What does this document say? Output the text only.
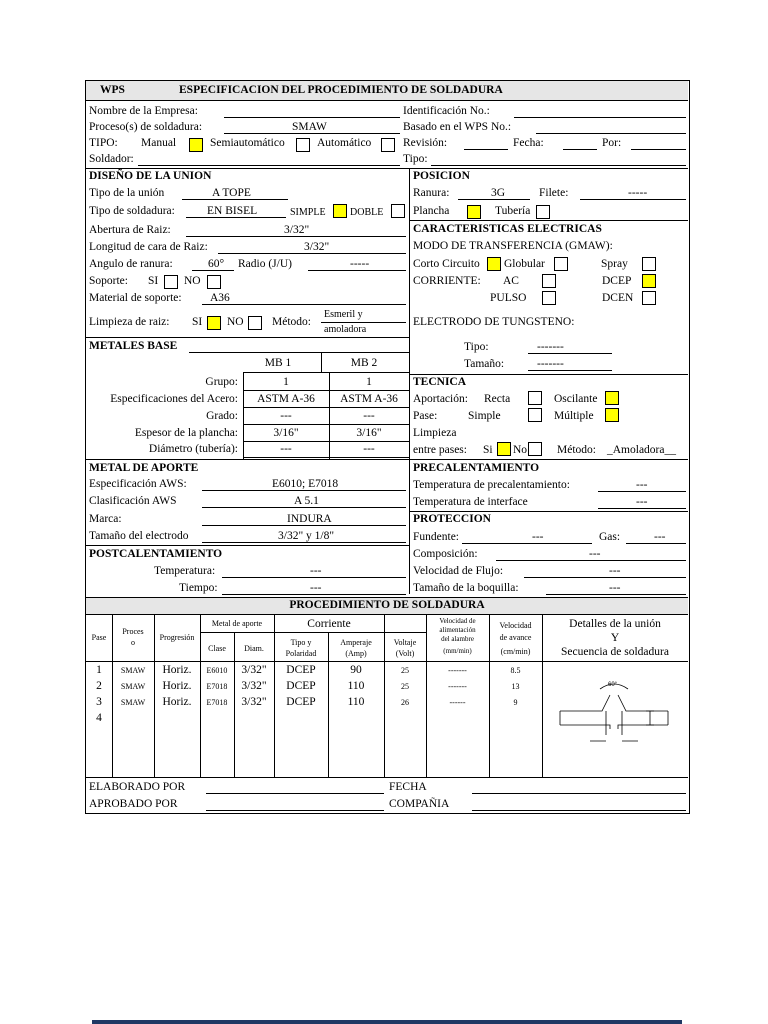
WPS	ESPECIFICACION DEL PROCEDIMIENTO DE SOLDADURA
Nombre de la Empresa:
Proceso(s) de soldadura:	SMAW
TIPO: Manual	Semiautomático	Automático
Soldador:
Identificación No.:
Basado en el WPS No.:
Revisión:	Fecha:	Por:
Tipo:
DISEÑO DE LA UNION
Tipo de la unión	A TOPE
Tipo de soldadura:	EN BISEL	SIMPLE DOBLE
Abertura de Raiz:	3/32"
Longitud de cara de Raiz:	3/32"
Angulo de ranura:	60° Radio (J/U)	-----
Soporte: SI NO
Material de soporte: A36
Limpieza de raiz: SI NO Método:
Esmeril y
amoladora
POSICION
Ranura:	3G	Filete:	-----
Plancha	Tubería
CARACTERISTICAS ELECTRICAS
MODO DE TRANSFERENCIA (GMAW):
Corto Circuito Globular	Spray
CORRIENTE: AC	DCEP
PULSO	DCEN
ELECTRODO DE TUNGSTENO:
Tipo:	-------
Tamaño:	-------
METALES BASE
MB 1	MB 2
Grupo:	1	1
Especificaciones del Acero:	ASTM A-36	ASTM A-36
Grado:	---	---
Espesor de la plancha:	3/16"	3/16"
Diámetro (tubería):	---	---
TECNICA
Aportación: Recta	Oscilante
Pase:	Simple	Múltiple
Limpieza
entre pases: Si No	Método: _Amoladora__
METAL DE APORTE
Especificación AWS:	E6010; E7018
Clasificación AWS	A 5.1
Marca:	INDURA
Tamaño del electrodo	3/32" y 1/8"
PRECALENTAMIENTO
Temperatura de precalentamiento:	---
Temperatura de interface	---
PROTECCION
Fundente:	---	Gas:	---
Composición:	---
Velocidad de Flujo:	---
Tamaño de la boquilla:	---
POSTCALENTAMIENTO
Temperatura:	---
Tiempo:	---
PROCEDIMIENTO DE SOLDADURA
Pase
Proces
o
Progresión
Metal de aporte
Clase	Diam.
Corriente
Tipo y
Polaridad
Amperaje
(Amp)
Voltaje
(Volt)
Velocidad de
alimentación
del alambre
(mm/min)
Velocidad
de avance
(cm/min)
Detalles de la unión
Y
Secuencia de soldadura
1	SMAW	Horiz.	E6010	3/32"	DCEP	90	25	-------	8.5
2	SMAW	Horiz.	E7018	3/32"	DCEP	110	25	-------	13
3	SMAW	Horiz.	E7018	3/32"	DCEP	110	26	------	9
4
60°
ELABORADO POR	FECHA
APROBADO POR	COMPAÑIA
